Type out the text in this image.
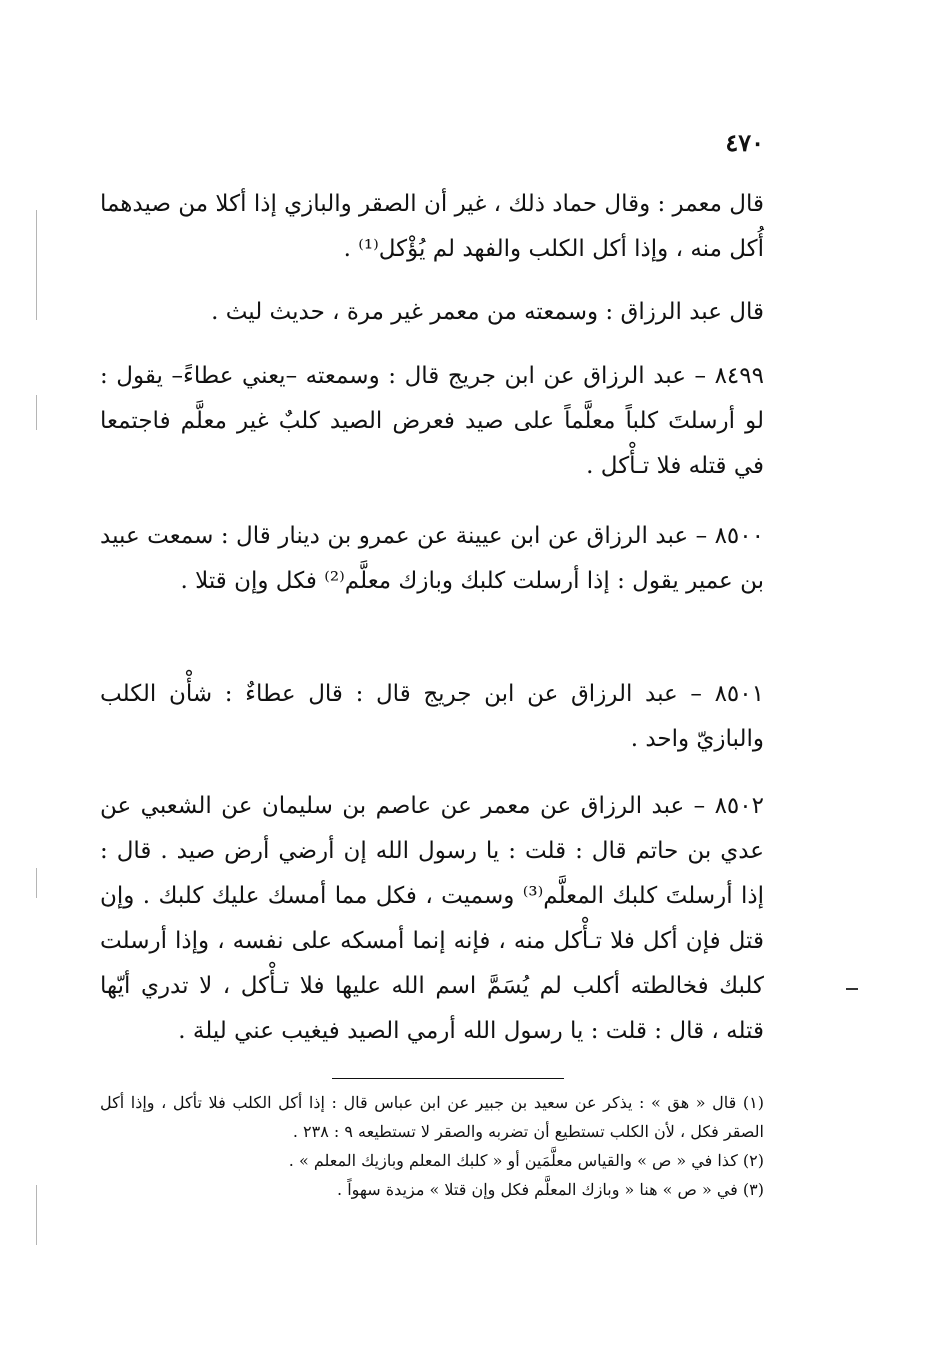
٤٧٠

قال معمر : وقال حماد ذلك ، غير أن الصقر والبازي إذا أكلا من صيدهما أُكل منه ، وإذا أكل الكلب والفهد لم يُؤْكل⁽¹⁾ .

قال عبد الرزاق : وسمعته من معمر غير مرة ، حديث ليث .

٨٤٩٩ – عبد الرزاق عن ابن جريج قال : وسمعته –يعني عطاءً– يقول : لو أرسلتَ كلباً معلَّماً على صيد فعرض الصيد كلبٌ غير معلَّم فاجتمعا في قتله فلا تـأْكل .

٨٥٠٠ – عبد الرزاق عن ابن عيينة عن عمرو بن دينار قال : سمعت عبيد بن عمير يقول : إذا أرسلت كلبك وبازك معلَّم⁽²⁾ فكل وإن قتلا .

٨٥٠١ – عبد الرزاق عن ابن جريج قال : قال عطاءٌ : شأْن الكلب والبازيّ واحد .

٨٥٠٢ – عبد الرزاق عن معمر عن عاصم بن سليمان عن الشعبي عن عدي بن حاتم قال : قلت : يا رسول الله إن أرضي أرض صيد . قال : إذا أرسلتَ كلبك المعلَّم⁽³⁾ وسميت ، فكل مما أمسك عليك كلبك . وإن قتل فإن أكل فلا تـأْكل منه ، فإنه إنما أمسكه على نفسه ، وإذا أرسلت كلبك فخالطته أكلب لم يُسَمَّ اسم الله عليها فلا تـأْكل ، لا تدري أيّها قتله ، قال : قلت : يا رسول الله أرمي الصيد فيغيب عني ليلة .

(١) قال « هق » : يذكر عن سعيد بن جبير عن ابن عباس قال : إذا أكل الكلب فلا تأكل ، وإذا أكل الصقر فكل ، لأن الكلب تستطيع أن تضربه والصقر لا تستطيعه ٩ : ٢٣٨ .

(٢) كذا في « ص » والقياس معلَّمَين أو « كلبك المعلم وبازيك المعلم » .

(٣) في « ص » هنا « وبازك المعلَّم فكل وإن قتلا » مزيدة سهواً .
